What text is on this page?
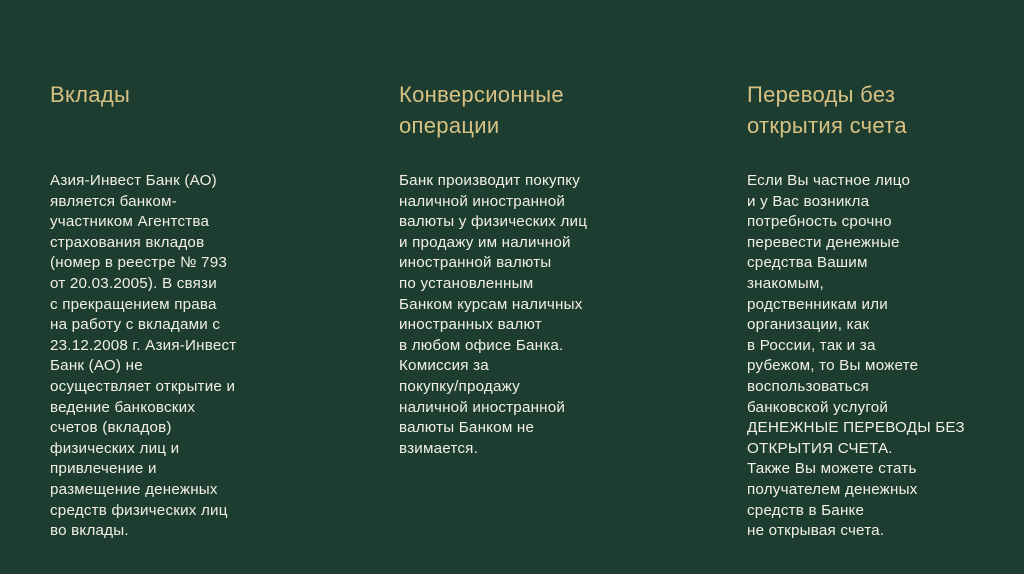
Вклады

Азия-Инвест Банк (АО)
является банком-
участником Агентства
страхования вкладов
(номер в реестре № 793
от 20.03.2005). В связи
с прекращением права
на работу с вкладами с
23.12.2008 г. Азия-Инвест
Банк (АО) не
осуществляет открытие и
ведение банковских
счетов (вкладов)
физических лиц и
привлечение и
размещение денежных
средств физических лиц
во вклады.

Конверсионные
операции

Банк производит покупку
наличной иностранной
валюты у физических лиц
и продажу им наличной
иностранной валюты
по установленным
Банком курсам наличных
иностранных валют
в любом офисе Банка.
Комиссия за
покупку/продажу
наличной иностранной
валюты Банком не
взимается.

Переводы без
открытия счета

Если Вы частное лицо
и у Вас возникла
потребность срочно
перевести денежные
средства Вашим
знакомым,
родственникам или
организации, как
в России, так и за
рубежом, то Вы можете
воспользоваться
банковской услугой
ДЕНЕЖНЫЕ ПЕРЕВОДЫ БЕЗ
ОТКРЫТИЯ СЧЕТА.
Также Вы можете стать
получателем денежных
средств в Банке
не открывая счета.
